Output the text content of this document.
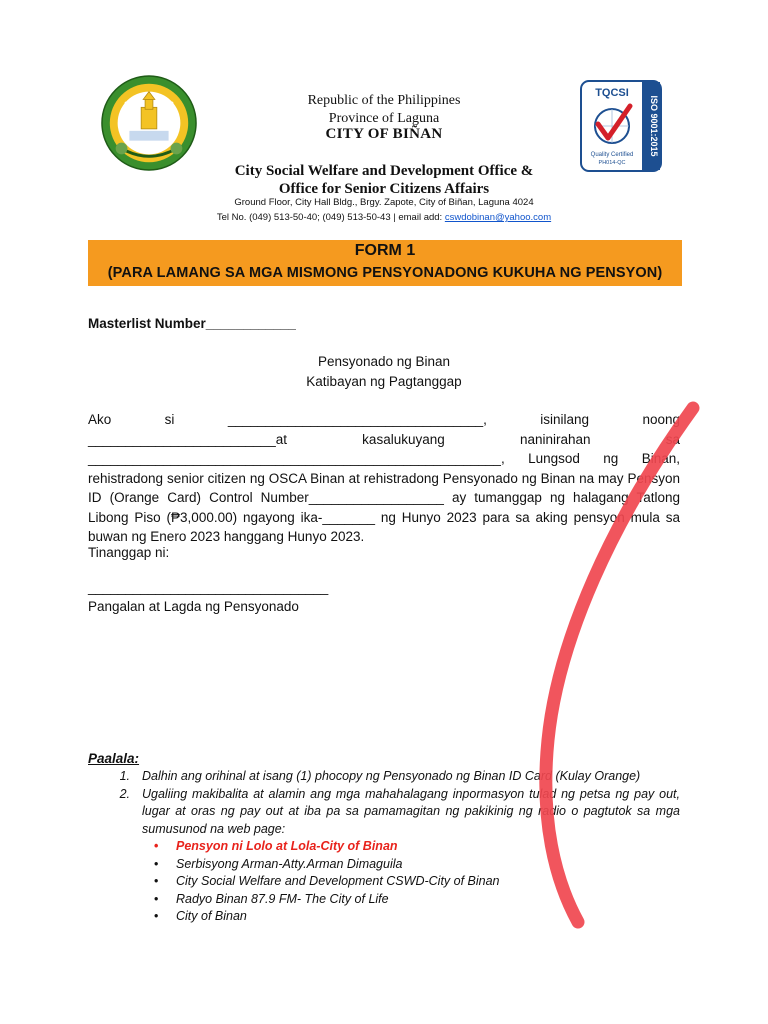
ISO 9001:2015
TQCSI
Quality Certified
PH014-QC
Republic of the Philippines
Province of Laguna
CITY OF BIÑAN
City Social Welfare and Development Office &
Office for Senior Citizens Affairs
Ground Floor, City Hall Bldg., Brgy. Zapote, City of Biñan, Laguna 4024
Tel No. (049) 513-50-40; (049) 513-50-43 | email add: cswdobinan@yahoo.com
FORM 1
(PARA LAMANG SA MGA MISMONG PENSYONADONG KUKUHA NG PENSYON)
Masterlist Number____________
Pensyonado ng Binan
Katibayan ng Pagtanggap

Ako si __________________________________, isinilang noong _________________________at kasalukuyang naninirahan sa _______________________________________________________, Lungsod ng Binan, rehistradong senior citizen ng OSCA Binan at rehistradong Pensyonado ng Binan na may Pensyon ID (Orange Card) Control Number__________________ ay tumanggap ng halagang Tatlong Libong Piso (₱3,000.00) ngayong ika-_______ ng Hunyo 2023 para sa aking pensyon mula sa buwan ng Enero 2023 hanggang Hunyo 2023.

Tinanggap ni:
________________________________
Pangalan at Lagda ng Pensyonado
Paalala:
1. Dalhin ang orihinal at isang (1) phocopy ng Pensyonado ng Binan ID Card (Kulay Orange)
2. Ugaliing makibalita at alamin ang mga mahahalagang inpormasyon tulad ng petsa ng pay out, lugar at oras ng pay out at iba pa sa pamamagitan ng pakikinig ng radio o pagtutok sa mga sumusunod na web page:
•	Pensyon ni Lolo at Lola-City of Binan
•	Serbisyong Arman-Atty.Arman Dimaguila
•	City Social Welfare and Development CSWD-City of Binan
•	Radyo Binan 87.9 FM- The City of Life
•	City of Binan
